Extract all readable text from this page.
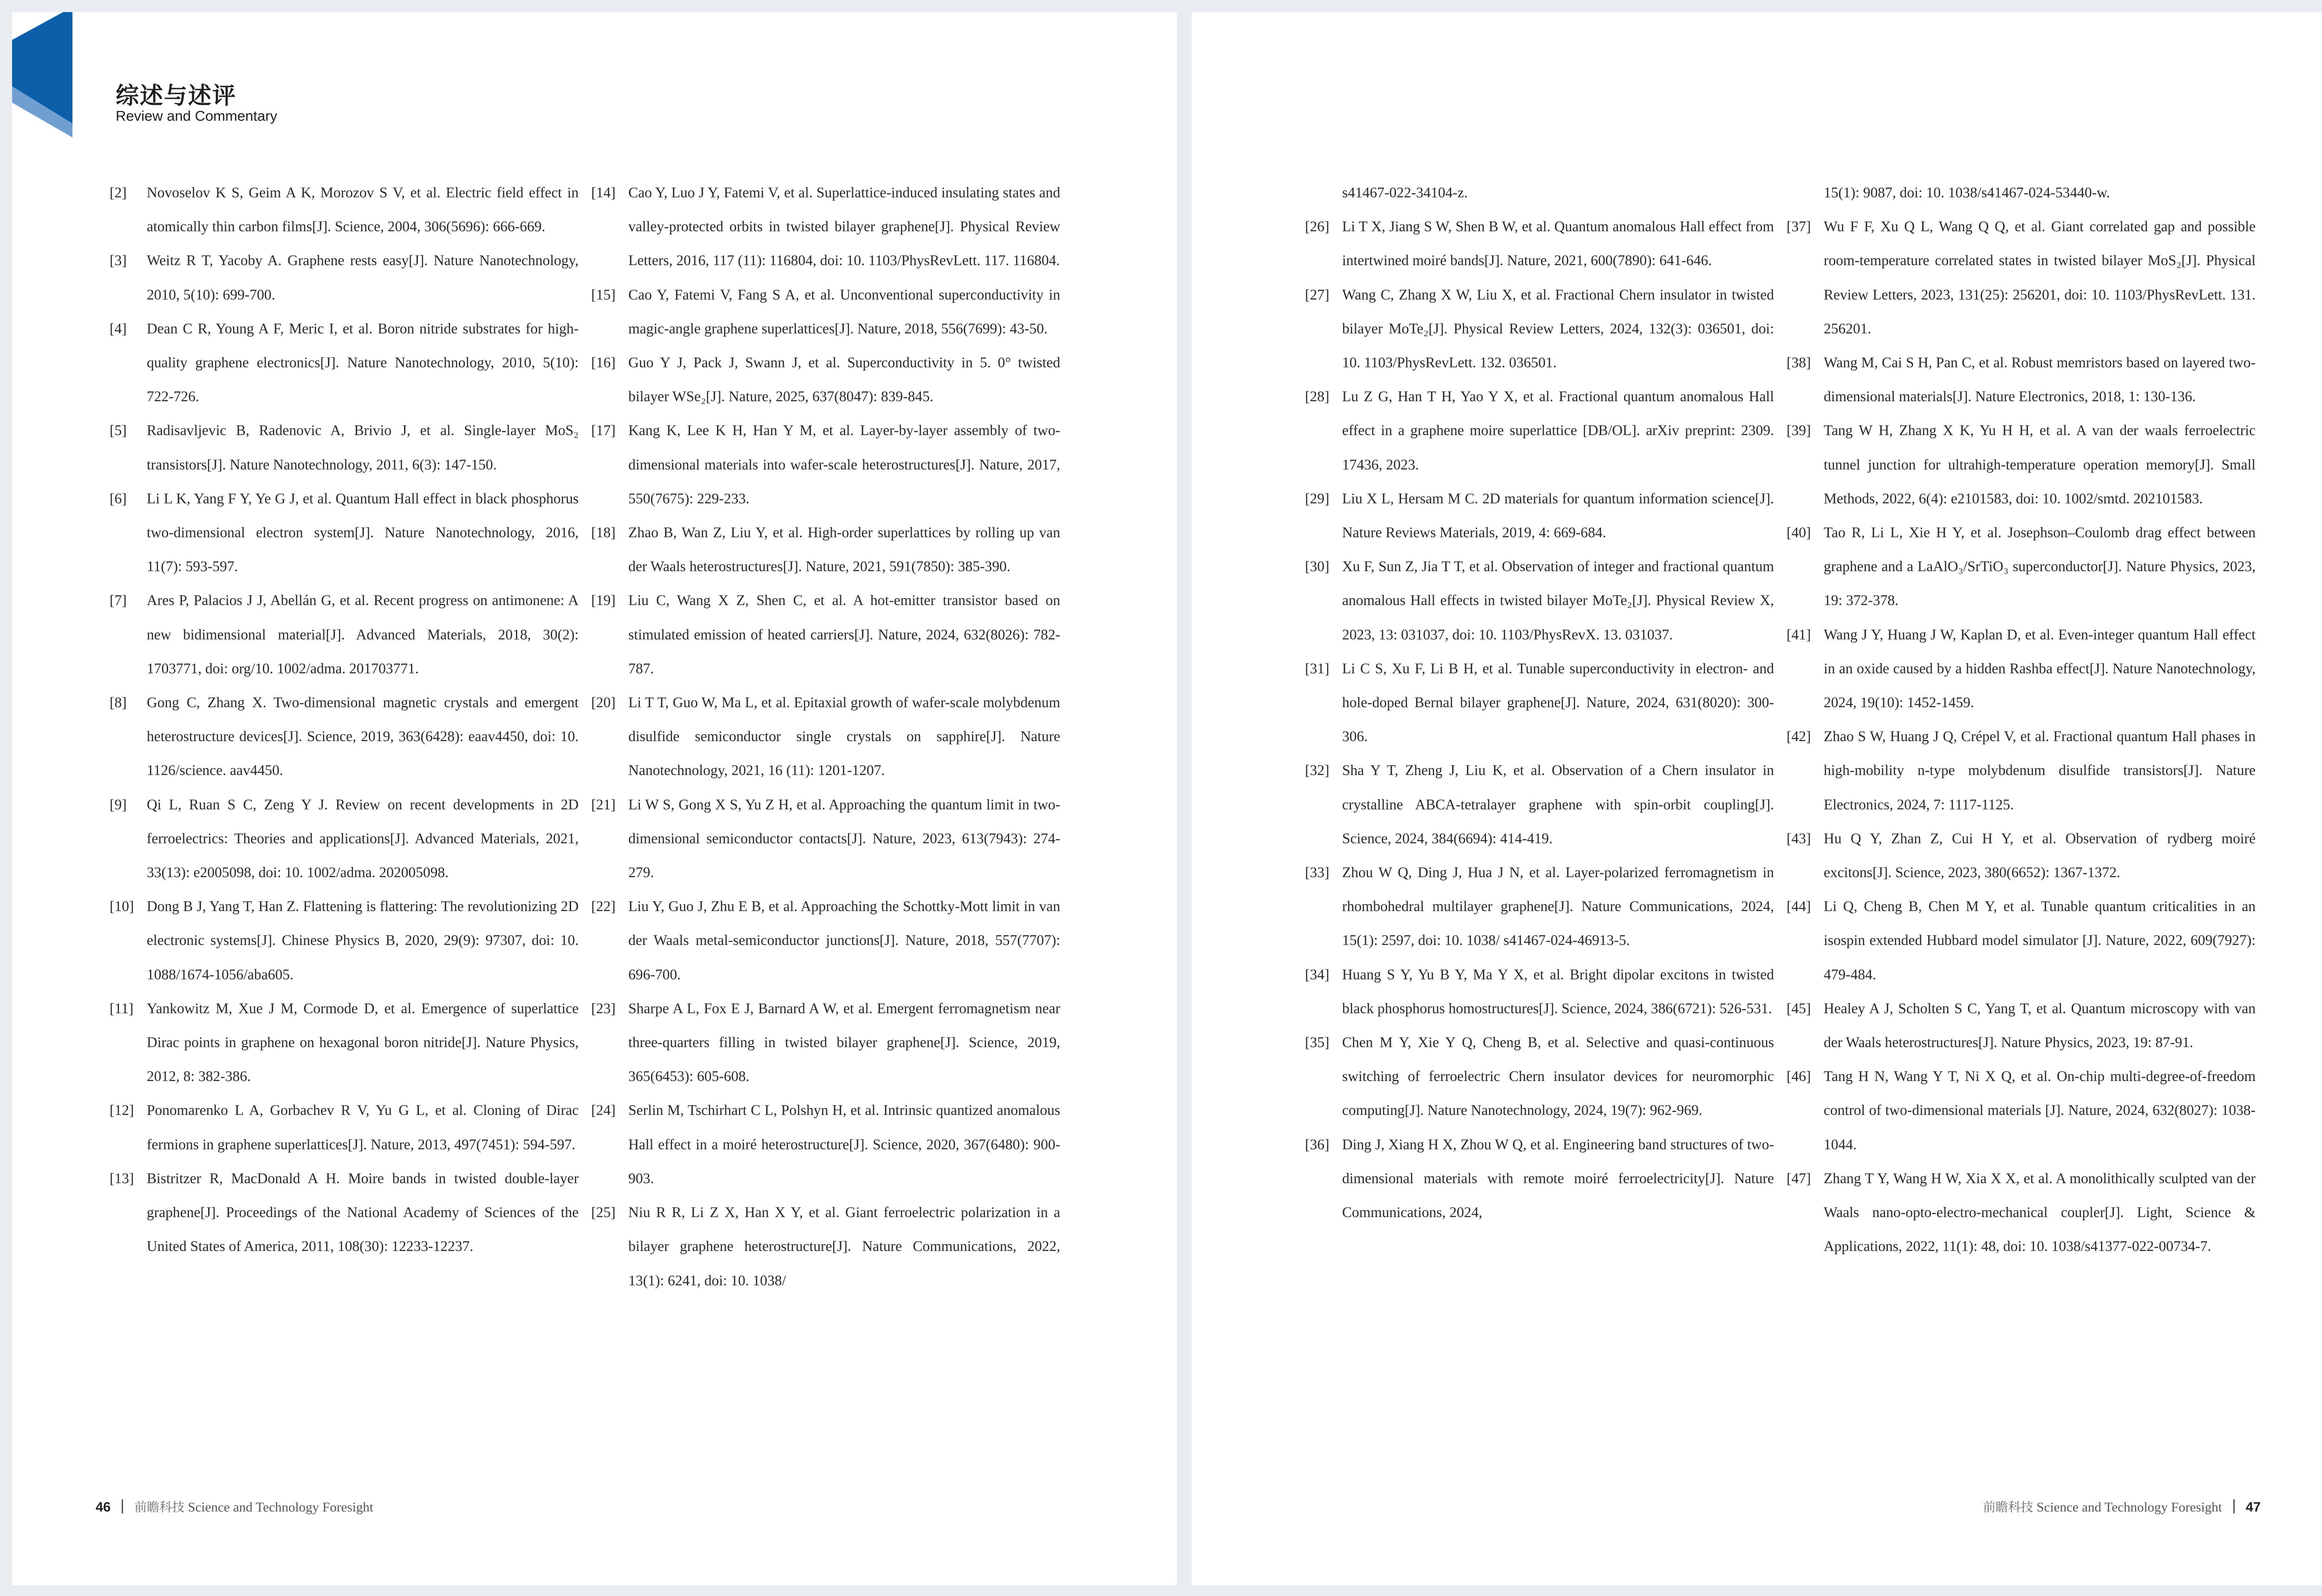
综述与述评
Review and Commentary
[2] Novoselov K S, Geim A K, Morozov S V, et al. Electric field effect in atomically thin carbon films[J]. Science, 2004, 306(5696): 666-669.
[3] Weitz R T, Yacoby A. Graphene rests easy[J]. Nature Nanotechnology, 2010, 5(10): 699-700.
[4] Dean C R, Young A F, Meric I, et al. Boron nitride substrates for high-quality graphene electronics[J]. Nature Nanotechnology, 2010, 5(10): 722-726.
[5] Radisavljevic B, Radenovic A, Brivio J, et al. Single-layer MoS₂ transistors[J]. Nature Nanotechnology, 2011, 6(3): 147-150.
[6] Li L K, Yang F Y, Ye G J, et al. Quantum Hall effect in black phosphorus two-dimensional electron system[J]. Nature Nanotechnology, 2016, 11(7): 593-597.
[7] Ares P, Palacios J J, Abellán G, et al. Recent progress on antimonene: A new bidimensional material[J]. Advanced Materials, 2018, 30(2): 1703771, doi: org/10. 1002/adma. 201703771.
[8] Gong C, Zhang X. Two-dimensional magnetic crystals and emergent heterostructure devices[J]. Science, 2019, 363(6428): eaav4450, doi: 10. 1126/science. aav4450.
[9] Qi L, Ruan S C, Zeng Y J. Review on recent developments in 2D ferroelectrics: Theories and applications[J]. Advanced Materials, 2021, 33(13): e2005098, doi: 10. 1002/adma. 202005098.
[10] Dong B J, Yang T, Han Z. Flattening is flattering: The revolutionizing 2D electronic systems[J]. Chinese Physics B, 2020, 29(9): 97307, doi: 10. 1088/1674-1056/aba605.
[11] Yankowitz M, Xue J M, Cormode D, et al. Emergence of superlattice Dirac points in graphene on hexagonal boron nitride[J]. Nature Physics, 2012, 8: 382-386.
[12] Ponomarenko L A, Gorbachev R V, Yu G L, et al. Cloning of Dirac fermions in graphene superlattices[J]. Nature, 2013, 497(7451): 594-597.
[13] Bistritzer R, MacDonald A H. Moire bands in twisted double-layer graphene[J]. Proceedings of the National Academy of Sciences of the United States of America, 2011, 108(30): 12233-12237.
[14] Cao Y, Luo J Y, Fatemi V, et al. Superlattice-induced insulating states and valley-protected orbits in twisted bilayer graphene[J]. Physical Review Letters, 2016, 117 (11): 116804, doi: 10. 1103/PhysRevLett. 117. 116804.
[15] Cao Y, Fatemi V, Fang S A, et al. Unconventional superconductivity in magic-angle graphene superlattices[J]. Nature, 2018, 556(7699): 43-50.
[16] Guo Y J, Pack J, Swann J, et al. Superconductivity in 5. 0° twisted bilayer WSe₂[J]. Nature, 2025, 637(8047): 839-845.
[17] Kang K, Lee K H, Han Y M, et al. Layer-by-layer assembly of two-dimensional materials into wafer-scale heterostructures[J]. Nature, 2017, 550(7675): 229-233.
[18] Zhao B, Wan Z, Liu Y, et al. High-order superlattices by rolling up van der Waals heterostructures[J]. Nature, 2021, 591(7850): 385-390.
[19] Liu C, Wang X Z, Shen C, et al. A hot-emitter transistor based on stimulated emission of heated carriers[J]. Nature, 2024, 632(8026): 782-787.
[20] Li T T, Guo W, Ma L, et al. Epitaxial growth of wafer-scale molybdenum disulfide semiconductor single crystals on sapphire[J]. Nature Nanotechnology, 2021, 16 (11): 1201-1207.
[21] Li W S, Gong X S, Yu Z H, et al. Approaching the quantum limit in two-dimensional semiconductor contacts[J]. Nature, 2023, 613(7943): 274-279.
[22] Liu Y, Guo J, Zhu E B, et al. Approaching the Schottky-Mott limit in van der Waals metal-semiconductor junctions[J]. Nature, 2018, 557(7707): 696-700.
[23] Sharpe A L, Fox E J, Barnard A W, et al. Emergent ferromagnetism near three-quarters filling in twisted bilayer graphene[J]. Science, 2019, 365(6453): 605-608.
[24] Serlin M, Tschirhart C L, Polshyn H, et al. Intrinsic quantized anomalous Hall effect in a moiré heterostructure[J]. Science, 2020, 367(6480): 900-903.
[25] Niu R R, Li Z X, Han X Y, et al. Giant ferroelectric polarization in a bilayer graphene heterostructure[J]. Nature Communications, 2022, 13(1): 6241, doi: 10. 1038/
46 前瞻科技 Science and Technology Foresight
s41467-022-34104-z.
[26] Li T X, Jiang S W, Shen B W, et al. Quantum anomalous Hall effect from intertwined moiré bands[J]. Nature, 2021, 600(7890): 641-646.
[27] Wang C, Zhang X W, Liu X, et al. Fractional Chern insulator in twisted bilayer MoTe₂[J]. Physical Review Letters, 2024, 132(3): 036501, doi: 10. 1103/PhysRevLett. 132. 036501.
[28] Lu Z G, Han T H, Yao Y X, et al. Fractional quantum anomalous Hall effect in a graphene moire superlattice [DB/OL]. arXiv preprint: 2309. 17436, 2023.
[29] Liu X L, Hersam M C. 2D materials for quantum information science[J]. Nature Reviews Materials, 2019, 4: 669-684.
[30] Xu F, Sun Z, Jia T T, et al. Observation of integer and fractional quantum anomalous Hall effects in twisted bilayer MoTe₂[J]. Physical Review X, 2023, 13: 031037, doi: 10. 1103/PhysRevX. 13. 031037.
[31] Li C S, Xu F, Li B H, et al. Tunable superconductivity in electron- and hole-doped Bernal bilayer graphene[J]. Nature, 2024, 631(8020): 300-306.
[32] Sha Y T, Zheng J, Liu K, et al. Observation of a Chern insulator in crystalline ABCA-tetralayer graphene with spin-orbit coupling[J]. Science, 2024, 384(6694): 414-419.
[33] Zhou W Q, Ding J, Hua J N, et al. Layer-polarized ferromagnetism in rhombohedral multilayer graphene[J]. Nature Communications, 2024, 15(1): 2597, doi: 10. 1038/ s41467-024-46913-5.
[34] Huang S Y, Yu B Y, Ma Y X, et al. Bright dipolar excitons in twisted black phosphorus homostructures[J]. Science, 2024, 386(6721): 526-531.
[35] Chen M Y, Xie Y Q, Cheng B, et al. Selective and quasi-continuous switching of ferroelectric Chern insulator devices for neuromorphic computing[J]. Nature Nanotechnology, 2024, 19(7): 962-969.
[36] Ding J, Xiang H X, Zhou W Q, et al. Engineering band structures of two-dimensional materials with remote moiré ferroelectricity[J]. Nature Communications, 2024,
15(1): 9087, doi: 10. 1038/s41467-024-53440-w.
[37] Wu F F, Xu Q L, Wang Q Q, et al. Giant correlated gap and possible room-temperature correlated states in twisted bilayer MoS₂[J]. Physical Review Letters, 2023, 131(25): 256201, doi: 10. 1103/PhysRevLett. 131. 256201.
[38] Wang M, Cai S H, Pan C, et al. Robust memristors based on layered two-dimensional materials[J]. Nature Electronics, 2018, 1: 130-136.
[39] Tang W H, Zhang X K, Yu H H, et al. A van der waals ferroelectric tunnel junction for ultrahigh-temperature operation memory[J]. Small Methods, 2022, 6(4): e2101583, doi: 10. 1002/smtd. 202101583.
[40] Tao R, Li L, Xie H Y, et al. Josephson–Coulomb drag effect between graphene and a LaAlO₃/SrTiO₃ superconductor[J]. Nature Physics, 2023, 19: 372-378.
[41] Wang J Y, Huang J W, Kaplan D, et al. Even-integer quantum Hall effect in an oxide caused by a hidden Rashba effect[J]. Nature Nanotechnology, 2024, 19(10): 1452-1459.
[42] Zhao S W, Huang J Q, Crépel V, et al. Fractional quantum Hall phases in high-mobility n-type molybdenum disulfide transistors[J]. Nature Electronics, 2024, 7: 1117-1125.
[43] Hu Q Y, Zhan Z, Cui H Y, et al. Observation of rydberg moiré excitons[J]. Science, 2023, 380(6652): 1367-1372.
[44] Li Q, Cheng B, Chen M Y, et al. Tunable quantum criticalities in an isospin extended Hubbard model simulator [J]. Nature, 2022, 609(7927): 479-484.
[45] Healey A J, Scholten S C, Yang T, et al. Quantum microscopy with van der Waals heterostructures[J]. Nature Physics, 2023, 19: 87-91.
[46] Tang H N, Wang Y T, Ni X Q, et al. On-chip multi-degree-of-freedom control of two-dimensional materials [J]. Nature, 2024, 632(8027): 1038-1044.
[47] Zhang T Y, Wang H W, Xia X X, et al. A monolithically sculpted van der Waals nano-opto-electro-mechanical coupler[J]. Light, Science & Applications, 2022, 11(1): 48, doi: 10. 1038/s41377-022-00734-7.
前瞻科技 Science and Technology Foresight 47
